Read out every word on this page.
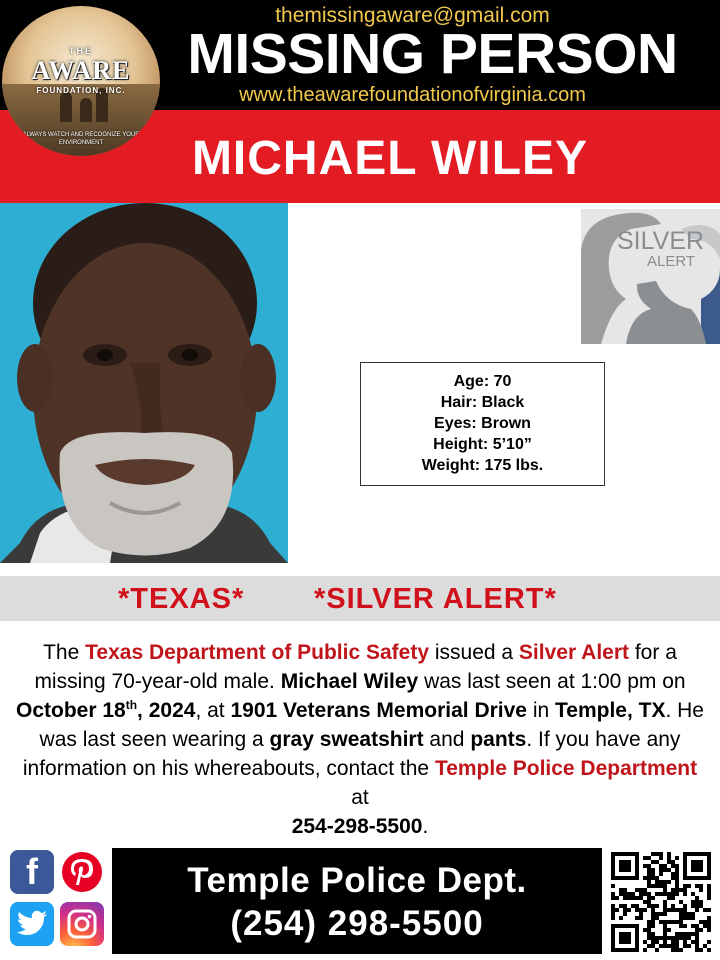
themissingaware@gmail.com
MISSING PERSON
www.theawarefoundationofvirginia.com
THE
AWARE
FOUNDATION, INC.
ALWAYS WATCH AND RECOGNIZE YOUR ENVIRONMENT	MICHAEL WILEY
SILVER
ALERT
Age: 70
Hair: Black
Eyes: Brown
Height: 5’10”
Weight: 175 lbs.
*TEXAS* *SILVER ALERT*
The Texas Department of Public Safety issued a Silver Alert for a missing 70-year-old male. Michael Wiley was last seen at 1:00 pm on October 18th, 2024, at 1901 Veterans Memorial Drive in Temple, TX. He was last seen wearing a gray sweatshirt and pants. If you have any information on his whereabouts, contact the Temple Police Department at
254-298-5500.
f	Temple Police Dept.
(254) 298-5500
